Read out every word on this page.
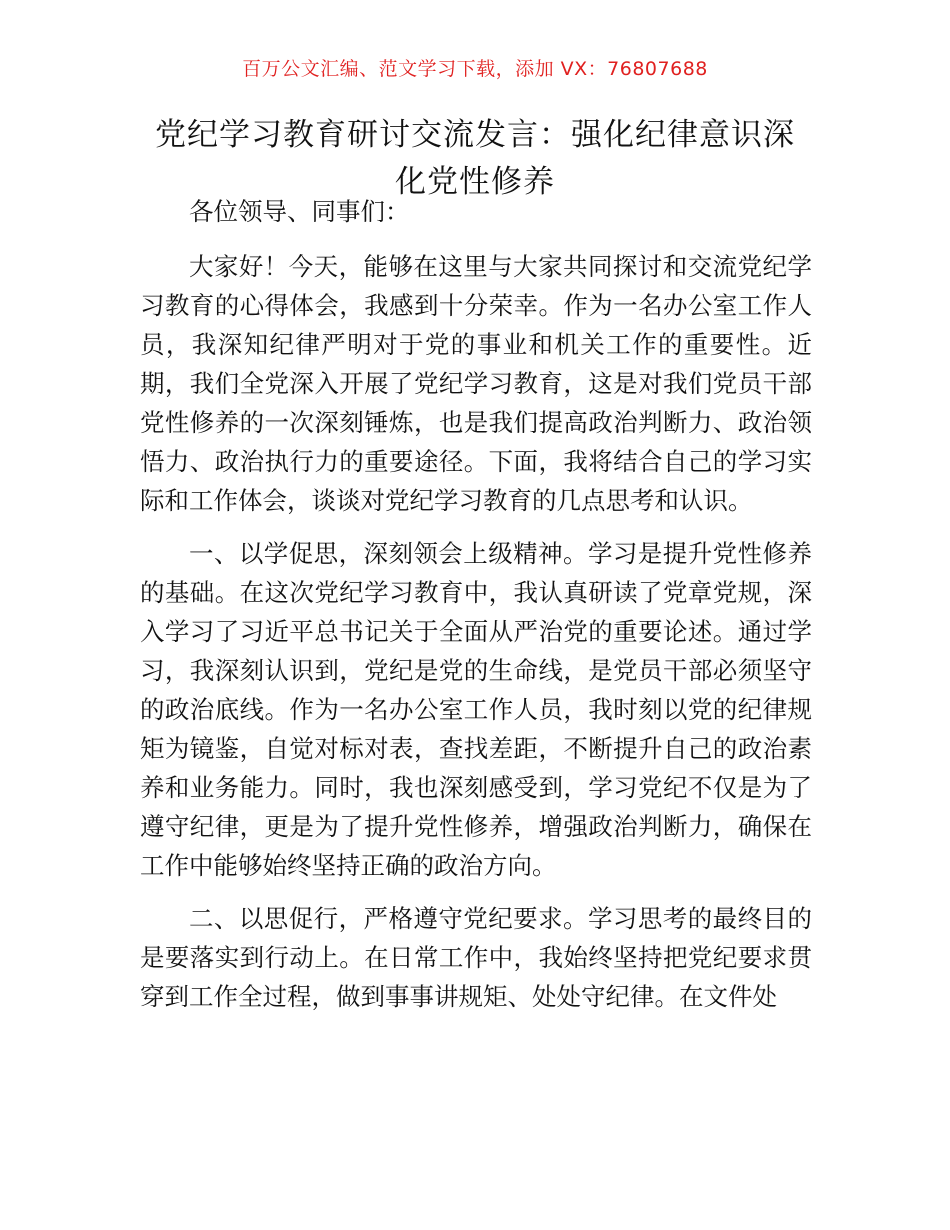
百万公文汇编、范文学习下载，添加 VX：76807688
党纪学习教育研讨交流发言：强化纪律意识深化党性修养

各位领导、同事们：

大家好！今天，能够在这里与大家共同探讨和交流党纪学习教育的心得体会，我感到十分荣幸。作为一名办公室工作人员，我深知纪律严明对于党的事业和机关工作的重要性。近期，我们全党深入开展了党纪学习教育，这是对我们党员干部党性修养的一次深刻锤炼，也是我们提高政治判断力、政治领悟力、政治执行力的重要途径。下面，我将结合自己的学习实际和工作体会，谈谈对党纪学习教育的几点思考和认识。

一、以学促思，深刻领会上级精神。学习是提升党性修养的基础。在这次党纪学习教育中，我认真研读了党章党规，深入学习了习近平总书记关于全面从严治党的重要论述。通过学习，我深刻认识到，党纪是党的生命线，是党员干部必须坚守的政治底线。作为一名办公室工作人员，我时刻以党的纪律规矩为镜鉴，自觉对标对表，查找差距，不断提升自己的政治素养和业务能力。同时，我也深刻感受到，学习党纪不仅是为了遵守纪律，更是为了提升党性修养，增强政治判断力，确保在工作中能够始终坚持正确的政治方向。

二、以思促行，严格遵守党纪要求。学习思考的最终目的是要落实到行动上。在日常工作中，我始终坚持把党纪要求贯穿到工作全过程，做到事事讲规矩、处处守纪律。在文件处
